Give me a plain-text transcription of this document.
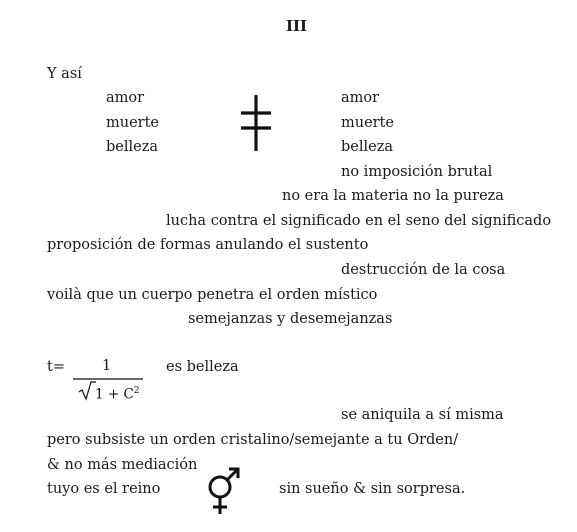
III
Y así
amor
muerte
belleza
amor
muerte
belleza
no imposición brutal
no era la materia no la pureza
lucha contra el significado en el seno del significado
proposición de formas anulando el sustento
destrucción de la cosa
voilà que un cuerpo penetra el orden místico
semejanzas y desemejanzas
t=	1
$1 + C^2$
es belleza
se aniquila a sí misma
pero subsiste un orden cristalino/semejante a tu Orden/
& no más mediación
tuyo es el reino	sin sueño & sin sorpresa.
